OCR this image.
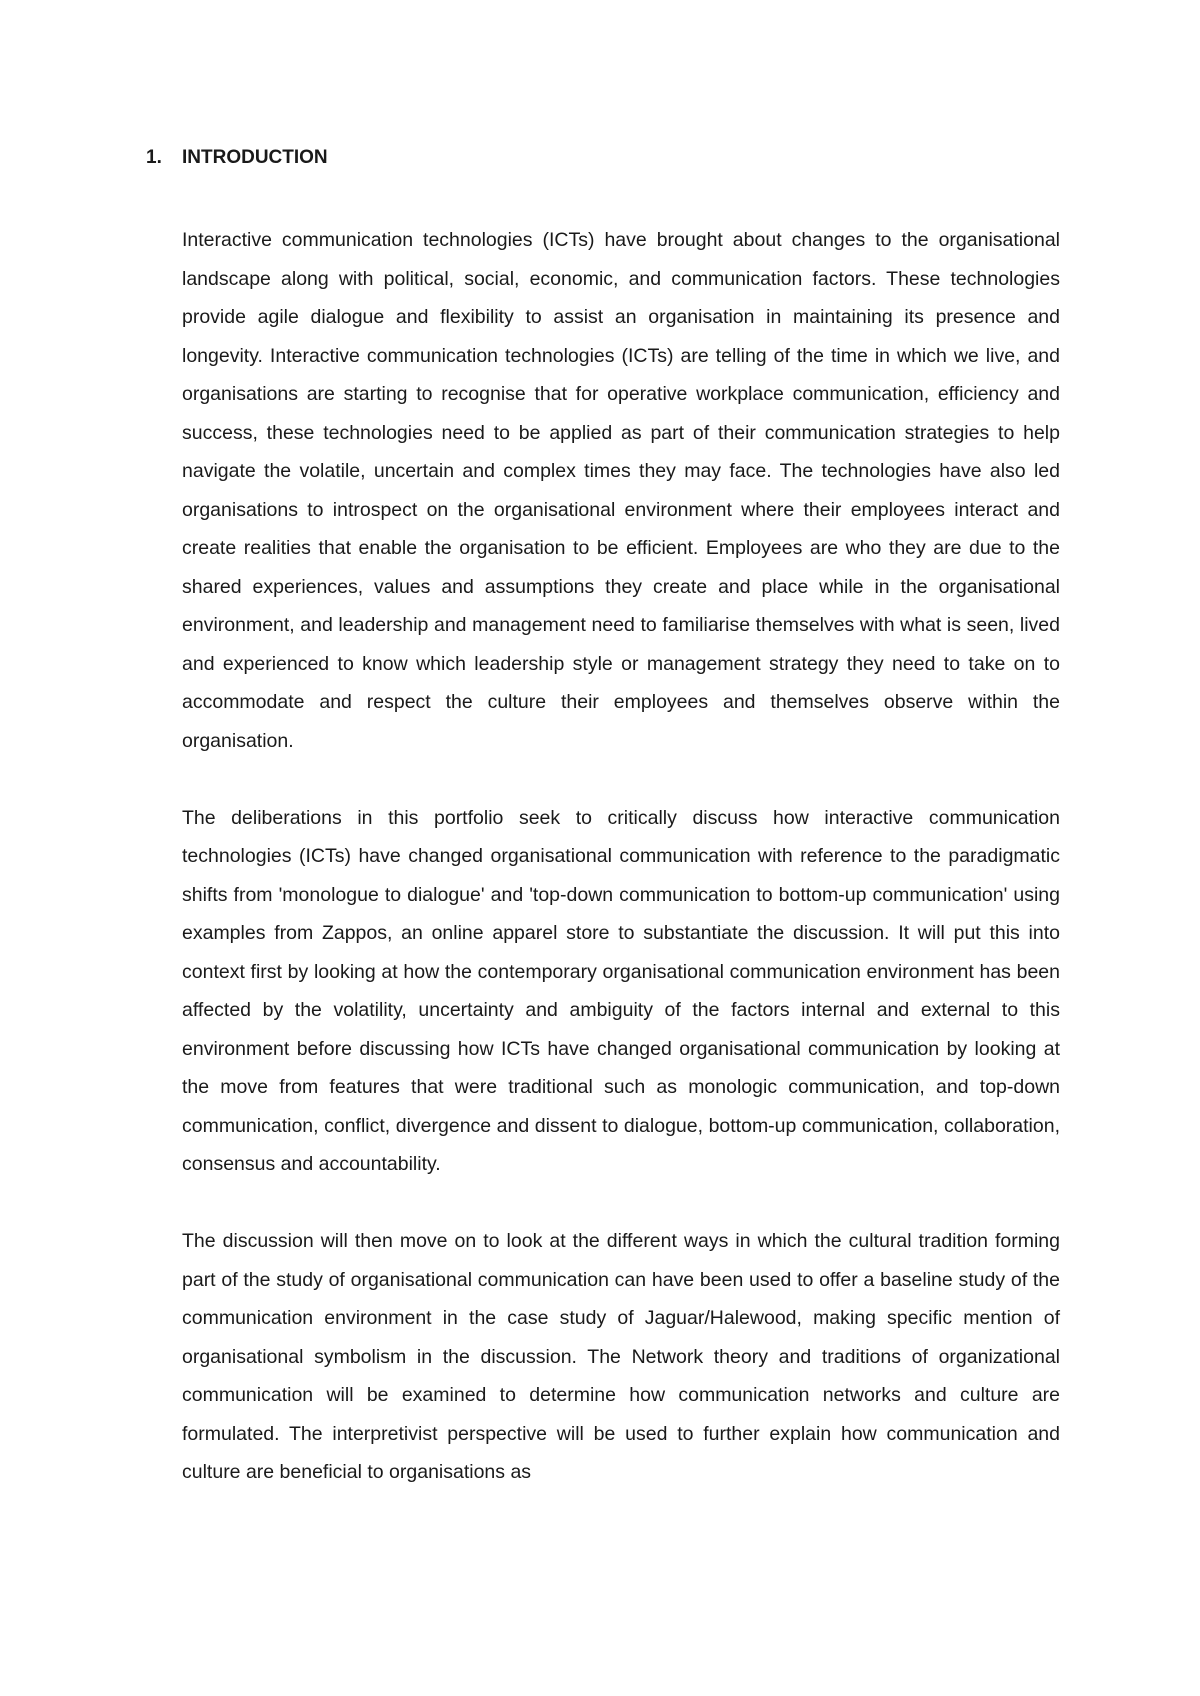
1. INTRODUCTION

Interactive communication technologies (ICTs) have brought about changes to the organisational landscape along with political, social, economic, and communication factors. These technologies provide agile dialogue and flexibility to assist an organisation in maintaining its presence and longevity. Interactive communication technologies (ICTs) are telling of the time in which we live, and organisations are starting to recognise that for operative workplace communication, efficiency and success, these technologies need to be applied as part of their communication strategies to help navigate the volatile, uncertain and complex times they may face. The technologies have also led organisations to introspect on the organisational environment where their employees interact and create realities that enable the organisation to be efficient. Employees are who they are due to the shared experiences, values and assumptions they create and place while in the organisational environment, and leadership and management need to familiarise themselves with what is seen, lived and experienced to know which leadership style or management strategy they need to take on to accommodate and respect the culture their employees and themselves observe within the organisation.

The deliberations in this portfolio seek to critically discuss how interactive communication technologies (ICTs) have changed organisational communication with reference to the paradigmatic shifts from 'monologue to dialogue' and 'top-down communication to bottom-up communication' using examples from Zappos, an online apparel store to substantiate the discussion. It will put this into context first by looking at how the contemporary organisational communication environment has been affected by the volatility, uncertainty and ambiguity of the factors internal and external to this environment before discussing how ICTs have changed organisational communication by looking at the move from features that were traditional such as monologic communication, and top-down communication, conflict, divergence and dissent to dialogue, bottom-up communication, collaboration, consensus and accountability.

The discussion will then move on to look at the different ways in which the cultural tradition forming part of the study of organisational communication can have been used to offer a baseline study of the communication environment in the case study of Jaguar/Halewood, making specific mention of organisational symbolism in the discussion. The Network theory and traditions of organizational communication will be examined to determine how communication networks and culture are formulated. The interpretivist perspective will be used to further explain how communication and culture are beneficial to organisations as
